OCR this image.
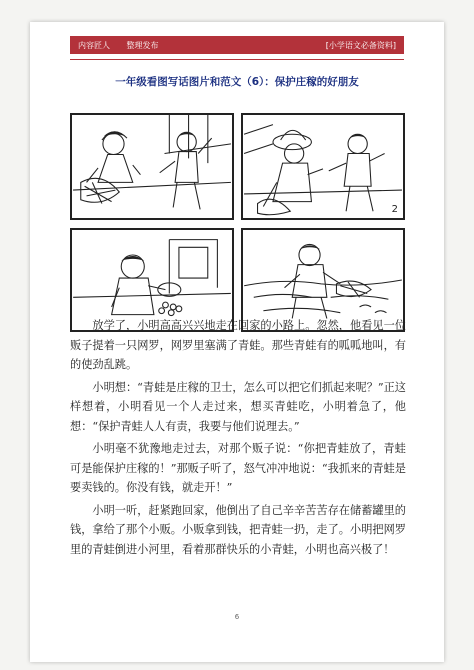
内容匠人 整理发布	[小学语文必备资料]
一年级看图写话图片和范文（6）：保护庄稼的好朋友
2

放学了，小明高高兴兴地走在回家的小路上。忽然，他看见一位贩子提着一只网罗，网罗里塞满了青蛙。那些青蛙有的呱呱地叫，有的使劲乱跳。

小明想：“青蛙是庄稼的卫士，怎么可以把它们抓起来呢？”正这样想着，小明看见一个人走过来，想买青蛙吃，小明着急了，他想：“保护青蛙人人有责，我要与他们说理去。”

小明毫不犹豫地走过去，对那个贩子说：“你把青蛙放了，青蛙可是能保护庄稼的！”那贩子听了，怒气冲冲地说：“我抓来的青蛙是要卖钱的。你没有钱，就走开！”

小明一听，赶紧跑回家，他倒出了自己辛辛苦苦存在储蓄罐里的钱，拿给了那个小贩。小贩拿到钱，把青蛙一扔，走了。小明把网罗里的青蛙倒进小河里，看着那群快乐的小青蛙，小明也高兴极了！

6
